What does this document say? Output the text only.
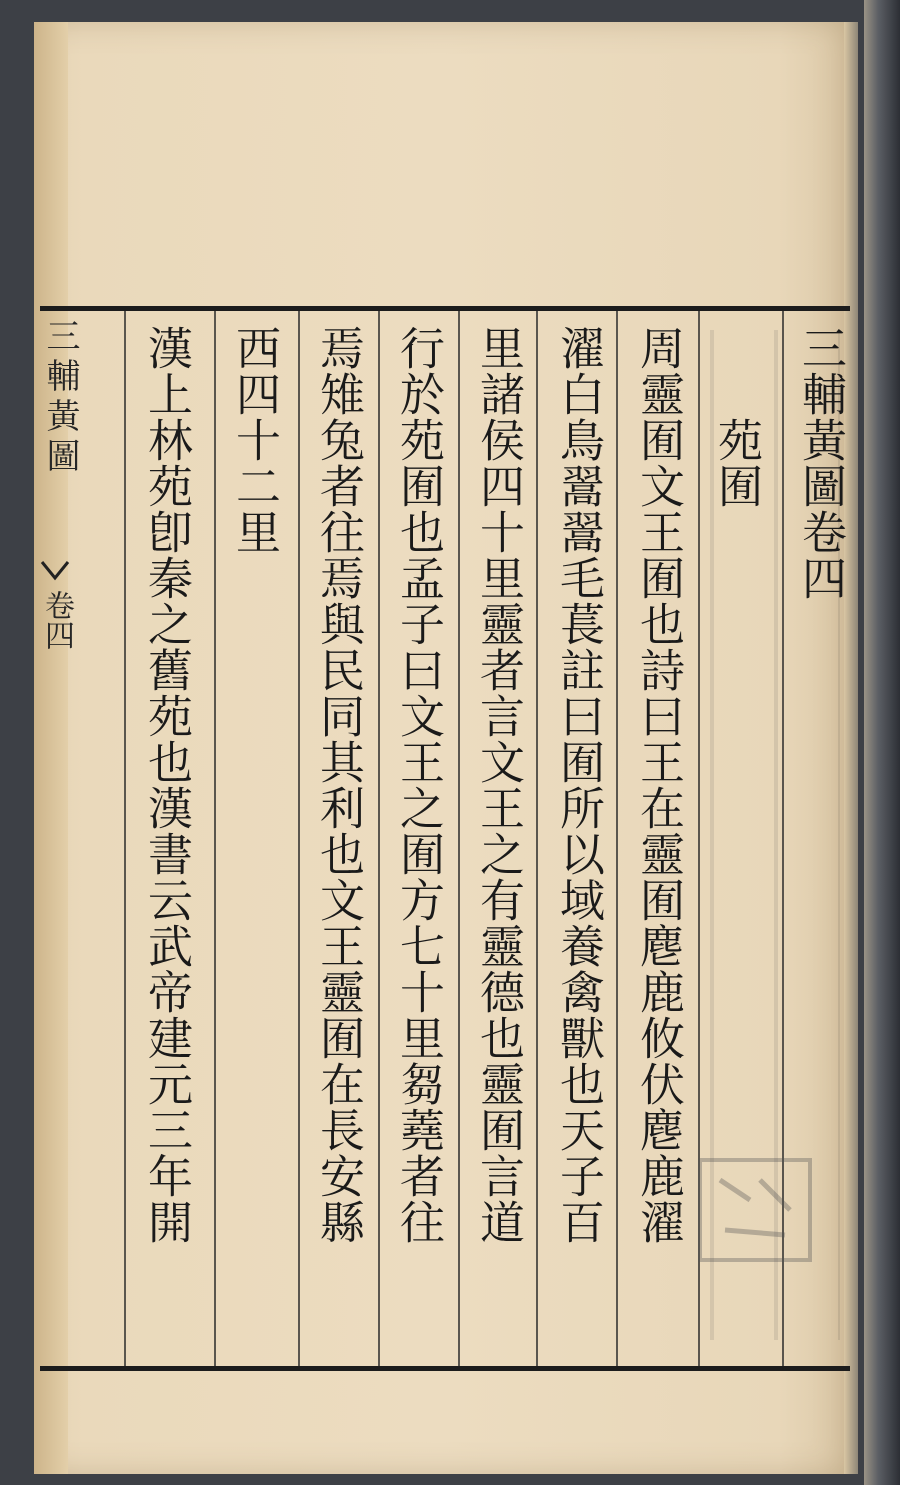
三輔黃圖卷四
　　苑囿
周靈囿文王囿也詩曰王在靈囿麀鹿攸伏麀鹿濯
濯白鳥翯翯毛萇註曰囿所以域養禽獸也天子百
里諸侯四十里靈者言文王之有靈德也靈囿言道
行於苑囿也孟子曰文王之囿方七十里芻蕘者往
焉雉兔者往焉與民同其利也文王靈囿在長安縣
西四十二里
漢上林苑卽秦之舊苑也漢書云武帝建元三年開
三輔黃圖
卷四
